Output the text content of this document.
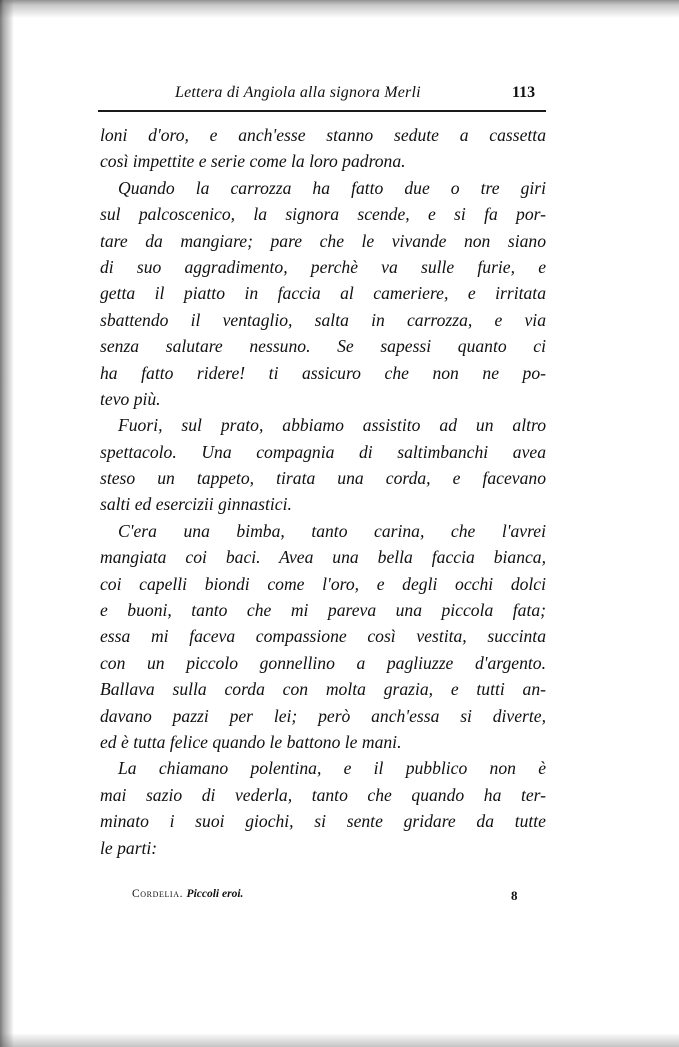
Lettera di Angiola alla signora Merli	113
loni d'oro, e anch'esse stanno sedute a cassetta
così impettite e serie come la loro padrona.
Quando la carrozza ha fatto due o tre giri
sul palcoscenico, la signora scende, e si fa por-
tare da mangiare; pare che le vivande non siano
di suo aggradimento, perchè va sulle furie, e
getta il piatto in faccia al cameriere, e irritata
sbattendo il ventaglio, salta in carrozza, e via
senza salutare nessuno. Se sapessi quanto ci
ha fatto ridere! ti assicuro che non ne po-
tevo più.
Fuori, sul prato, abbiamo assistito ad un altro
spettacolo. Una compagnia di saltimbanchi avea
steso un tappeto, tirata una corda, e facevano
salti ed esercizii ginnastici.
C'era una bimba, tanto carina, che l'avrei
mangiata coi baci. Avea una bella faccia bianca,
coi capelli biondi come l'oro, e degli occhi dolci
e buoni, tanto che mi pareva una piccola fata;
essa mi faceva compassione così vestita, succinta
con un piccolo gonnellino a pagliuzze d'argento.
Ballava sulla corda con molta grazia, e tutti an-
davano pazzi per lei; però anch'essa si diverte,
ed è tutta felice quando le battono le mani.
La chiamano polentina, e il pubblico non è
mai sazio di vederla, tanto che quando ha ter-
minato i suoi giochi, si sente gridare da tutte
le parti:
Cordelia. Piccoli eroi.	8
